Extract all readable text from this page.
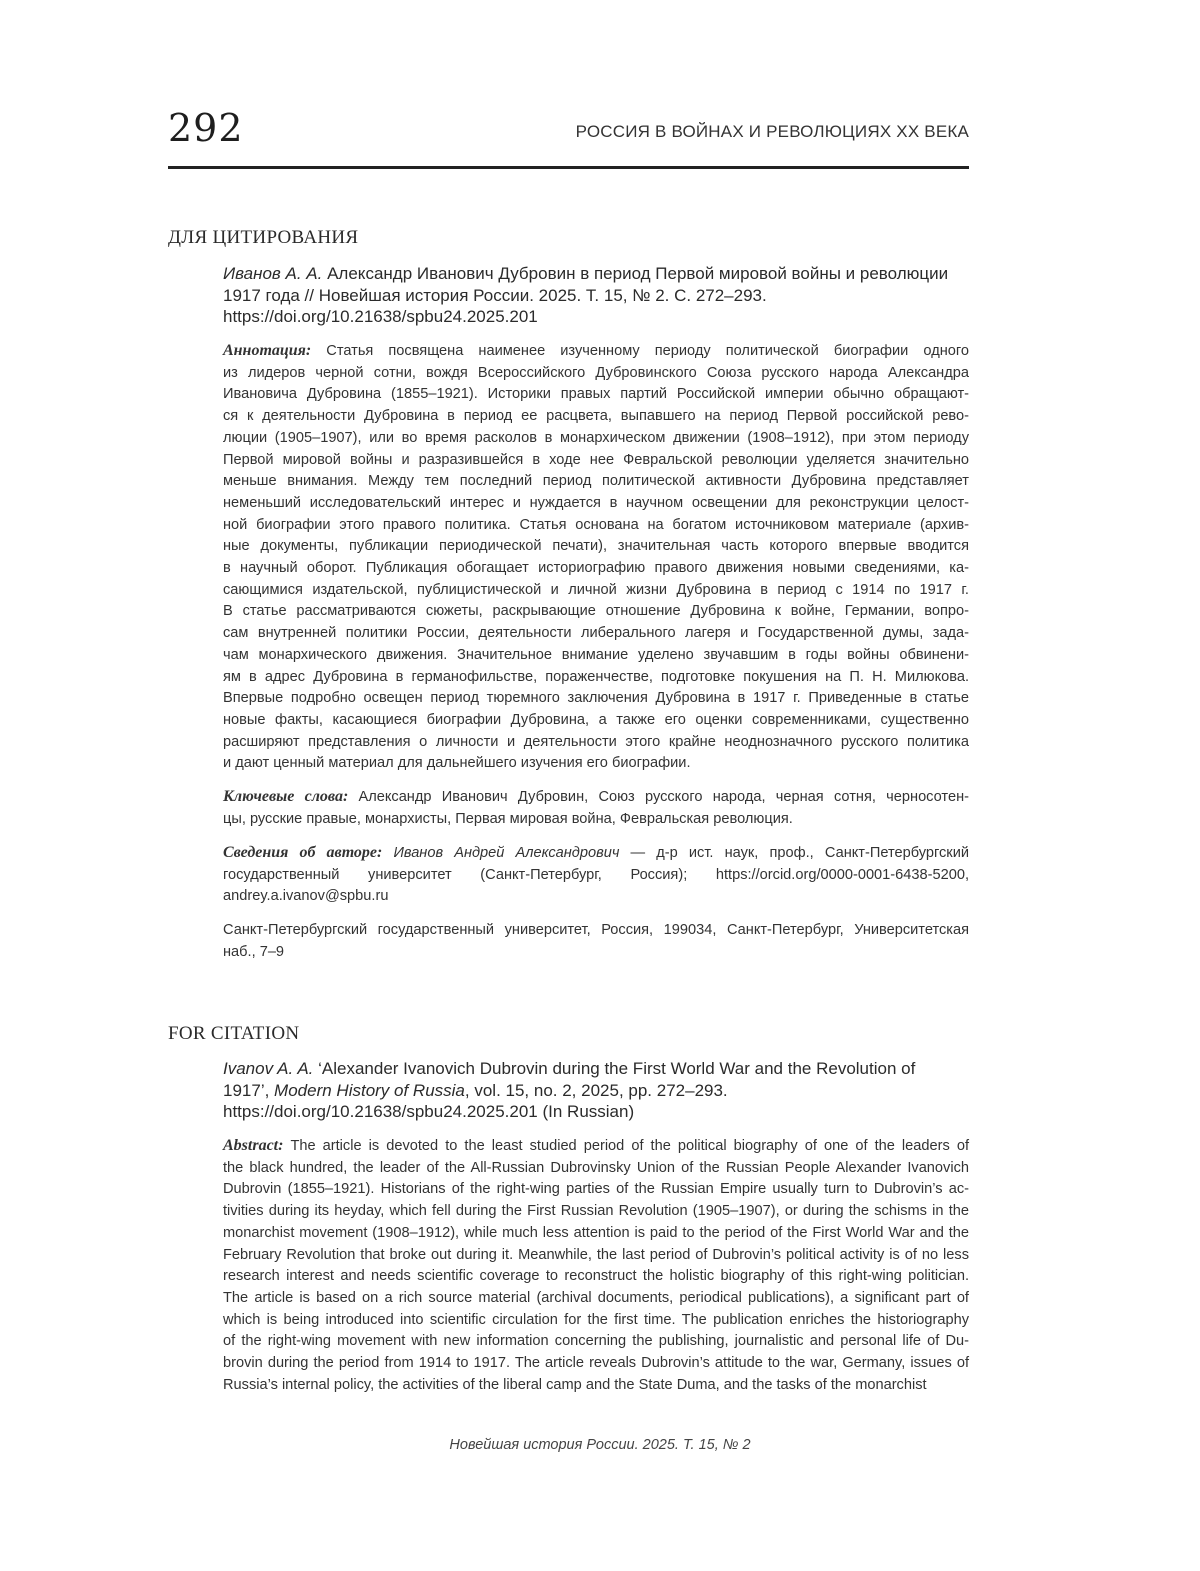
292	РОССИЯ В ВОЙНАХ И РЕВОЛЮЦИЯХ XX ВЕКА
ДЛЯ ЦИТИРОВАНИЯ
Иванов А. А. Александр Иванович Дубровин в период Первой мировой войны и революции
1917 года // Новейшая история России. 2025. Т. 15, № 2. С. 272–293.
https://doi.org/10.21638/spbu24.2025.201
Аннотация: Статья посвящена наименее изученному периоду политической биографии одного
из лидеров черной сотни, вождя Всероссийского Дубровинского Союза русского народа Александра
Ивановича Дубровина (1855–1921). Историки правых партий Российской империи обычно обращают-
ся к деятельности Дубровина в период ее расцвета, выпавшего на период Первой российской рево-
люции (1905–1907), или во время расколов в монархическом движении (1908–1912), при этом периоду
Первой мировой войны и разразившейся в ходе нее Февральской революции уделяется значительно
меньше внимания. Между тем последний период политической активности Дубровина представляет
неменьший исследовательский интерес и нуждается в научном освещении для реконструкции целост-
ной биографии этого правого политика. Статья основана на богатом источниковом материале (архив-
ные документы, публикации периодической печати), значительная часть которого впервые вводится
в научный оборот. Публикация обогащает историографию правого движения новыми сведениями, ка-
сающимися издательской, публицистической и личной жизни Дубровина в период с 1914 по 1917 г.
В статье рассматриваются сюжеты, раскрывающие отношение Дубровина к войне, Германии, вопро-
сам внутренней политики России, деятельности либерального лагеря и Государственной думы, зада-
чам монархического движения. Значительное внимание уделено звучавшим в годы войны обвинени-
ям в адрес Дубровина в германофильстве, пораженчестве, подготовке покушения на П. Н. Милюкова.
Впервые подробно освещен период тюремного заключения Дубровина в 1917 г. Приведенные в статье
новые факты, касающиеся биографии Дубровина, а также его оценки современниками, существенно
расширяют представления о личности и деятельности этого крайне неоднозначного русского политика
и дают ценный материал для дальнейшего изучения его биографии.
Ключевые слова: Александр Иванович Дубровин, Союз русского народа, черная сотня, черносотен-
цы, русские правые, монархисты, Первая мировая война, Февральская революция.
Сведения об авторе: Иванов Андрей Александрович — д-р ист. наук, проф., Санкт-Петербургский
государственный университет (Санкт-Петербург, Россия); https://orcid.org/0000-0001-6438-5200,
andrey.a.ivanov@spbu.ru
Санкт-Петербургский государственный университет, Россия, 199034, Санкт-Петербург, Университетская
наб., 7–9
FOR CITATION
Ivanov A. A. ‘Alexander Ivanovich Dubrovin during the First World War and the Revolution of
1917’, Modern History of Russia, vol. 15, no. 2, 2025, pp. 272–293.
https://doi.org/10.21638/spbu24.2025.201 (In Russian)
Abstract: The article is devoted to the least studied period of the political biography of one of the leaders of
the black hundred, the leader of the All-Russian Dubrovinsky Union of the Russian People Alexander Ivanovich
Dubrovin (1855–1921). Historians of the right-wing parties of the Russian Empire usually turn to Dubrovin’s ac-
tivities during its heyday, which fell during the First Russian Revolution (1905–1907), or during the schisms in the
monarchist movement (1908–1912), while much less attention is paid to the period of the First World War and the
February Revolution that broke out during it. Meanwhile, the last period of Dubrovin’s political activity is of no less
research interest and needs scientific coverage to reconstruct the holistic biography of this right-wing politician.
The article is based on a rich source material (archival documents, periodical publications), a significant part of
which is being introduced into scientific circulation for the first time. The publication enriches the historiography
of the right-wing movement with new information concerning the publishing, journalistic and personal life of Du-
brovin during the period from 1914 to 1917. The article reveals Dubrovin’s attitude to the war, Germany, issues of
Russia’s internal policy, the activities of the liberal camp and the State Duma, and the tasks of the monarchist
Новейшая история России. 2025. Т. 15, № 2
